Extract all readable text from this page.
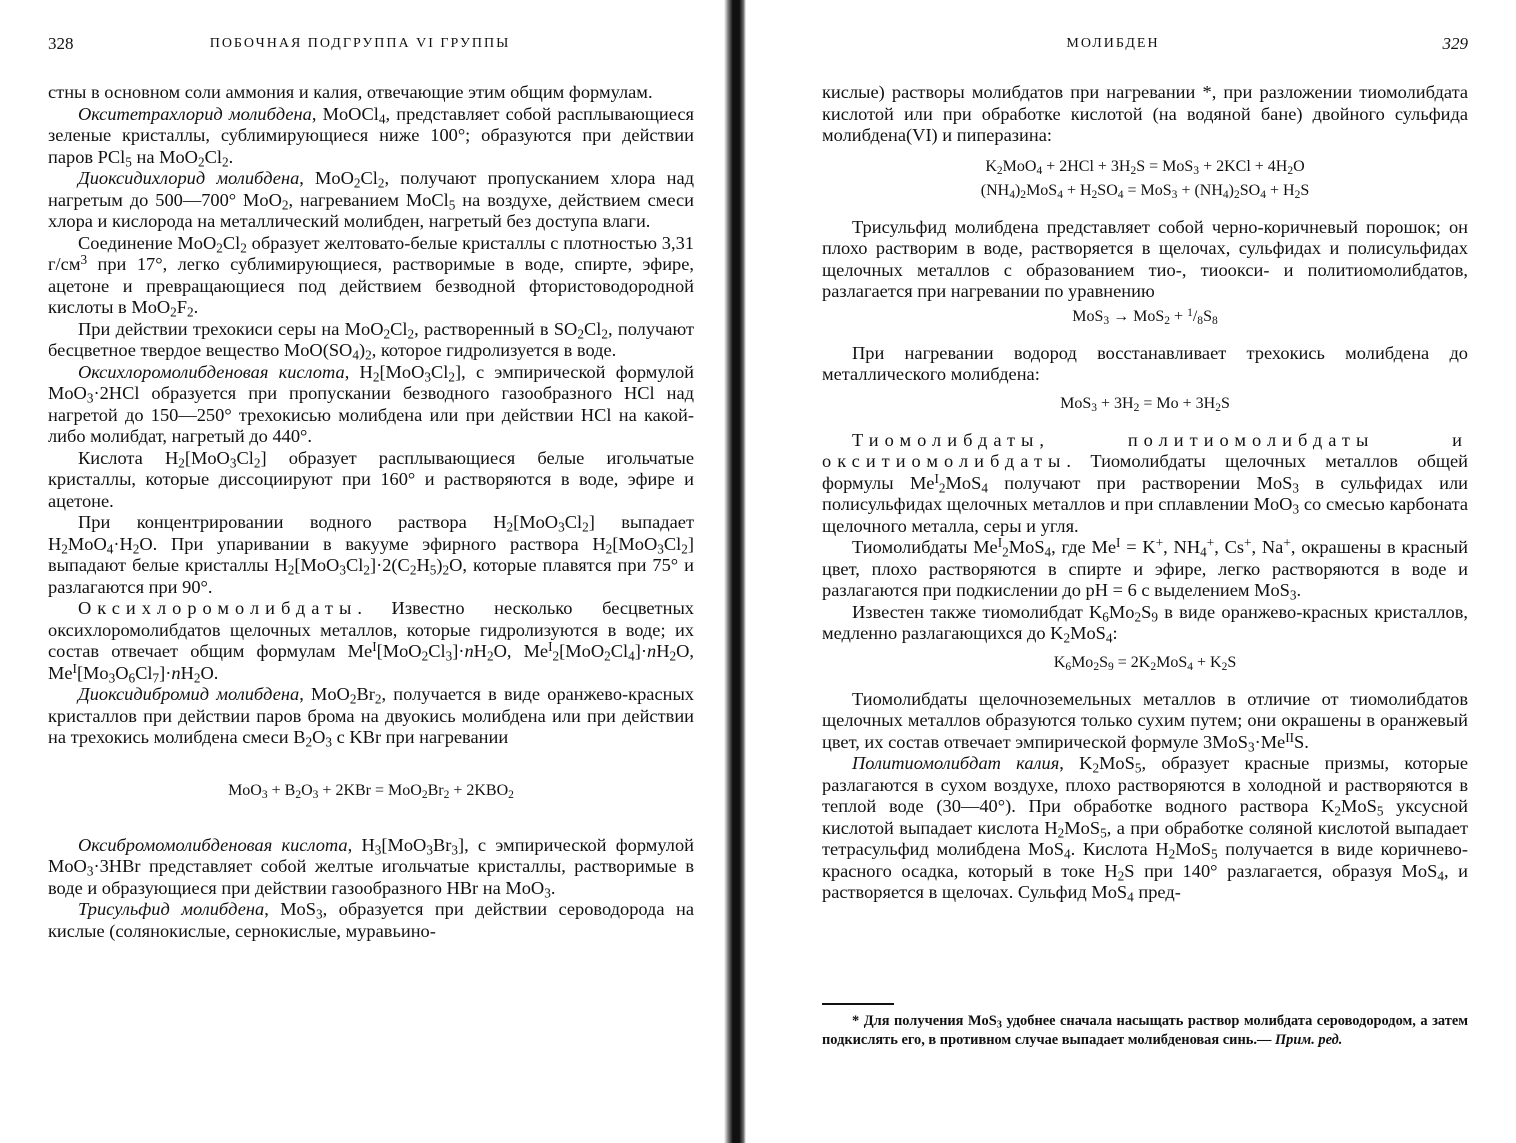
328	ПОБОЧНАЯ ПОДГРУППА VI ГРУППЫ

стны в основном соли аммония и калия, отвечающие этим общим формулам.

Окситетрахлорид молибдена, MoOCl$_4$, представляет собой расплывающиеся зеленые кристаллы, сублимирующиеся ниже 100°; образуются при действии паров PCl$_5$ на $MoO_2Cl_2$.

Диоксидихлорид молибдена, $MoO_2Cl_2$, получают пропусканием хлора над нагретым до 500—700° MoO$_2$, нагреванием MoCl$_5$ на воздухе, действием смеси хлора и кислорода на металлический молибден, нагретый без доступа влаги.

Соединение $MoO_2Cl_2$ образует желтовато-белые кристаллы с плотностью 3,31 $г/см^3$ при 17°, легко сублимирующиеся, растворимые в воде, спирте, эфире, ацетоне и превращающиеся под действием безводной фтористоводородной кислоты в $MoO_2F_2$.

При действии трехокиси серы на $MoO_2Cl_2$, растворенный в $SO_2Cl_2$, получают бесцветное твердое вещество $MoO(SO_4)_2$, которое гидролизуется в воде.

Оксихлоромолибденовая кислота, $H_2[MoO_3Cl_2]$, с эмпирической формулой MoO$_3$·2HCl образуется при пропускании безводного газообразного HCl над нагретой до 150—250° трехокисью молибдена или при действии HCl на какой-либо молибдат, нагретый до 440°.

Кислота $H_2[MoO_3Cl_2]$ образует расплывающиеся белые игольчатые кристаллы, которые диссоциируют при 160° и растворяются в воде, эфире и ацетоне.

При концентрировании водного раствора $H_2[MoO_3Cl_2]$ выпадает $H_2MoO_4\cdot H_2O$. При упаривании в вакууме эфирного раствора $H_2[MoO_3Cl_2]$ выпадают белые кристаллы $H_2[MoO_3Cl_2]\cdot 2(C_2H_5)_2O$, которые плавятся при 75° и разлагаются при 90°.

Оксихлоромолибдаты. Известно несколько бесцветных оксихлоромолибдатов щелочных металлов, которые гидролизуются в воде; их состав отвечает общим формулам $Me^I[MoO_2Cl_3]\cdot nH_2O$, $Me^I_2[MoO_2Cl_4]\cdot nH_2O$, $Me^I[Mo_3O_6Cl_7]\cdot nH_2O$.

Диоксидибромид молибдена, $MoO_2Br_2$, получается в виде оранжево-красных кристаллов при действии паров брома на двуокись молибдена или при действии на трехокись молибдена смеси $B_2O_3$ с KBr при нагревании

$MoO_3 + B_2O_3 + 2KBr = MoO_2Br_2 + 2KBO_2$

Оксибромомолибденовая кислота, $H_3[MoO_3Br_3]$, с эмпирической формулой MoO$_3$·3HBr представляет собой желтые игольчатые кристаллы, растворимые в воде и образующиеся при действии газообразного HBr на MoO$_3$.

Трисульфид молибдена, MoS$_3$, образуется при действии сероводорода на кислые (солянокислые, сернокислые, муравьино-

МОЛИБДЕН	329

кислые) растворы молибдатов при нагревании *, при разложении тиомолибдата кислотой или при обработке кислотой (на водяной бане) двойного сульфида молибдена(VI) и пиперазина:

$K_2MoO_4 + 2HCl + 3H_2S = MoS_3 + 2KCl + 4H_2O$
$(NH_4)_2MoS_4 + H_2SO_4 = MoS_3 + (NH_4)_2SO_4 + H_2S$

Трисульфид молибдена представляет собой черно-коричневый порошок; он плохо растворим в воде, растворяется в щелочах, сульфидах и полисульфидах щелочных металлов с образованием тио-, тиоокси- и политиомолибдатов, разлагается при нагревании по уравнению

$MoS_3 \to MoS_2 + ^1/_8S_8$

При нагревании водород восстанавливает трехокись молибдена до металлического молибдена:

$MoS_3 + 3H_2 = Mo + 3H_2S$

Тиомолибдаты, политиомолибдаты и окситиомолибдаты. Тиомолибдаты щелочных металлов общей формулы $Me^I_2MoS_4$ получают при растворении MoS$_3$ в сульфидах или полисульфидах щелочных металлов и при сплавлении MoO$_3$ со смесью карбоната щелочного металла, серы и угля.

Тиомолибдаты $Me^I_2MoS_4$, где $Me^I = K^+$, $NH_4^+$, Cs+, Na+, окрашены в красный цвет, плохо растворяются в спирте и эфире, легко растворяются в воде и разлагаются при подкислении до pH = 6 с выделением MoS$_3$.

Известен также тиомолибдат $K_6Mo_2S_9$ в виде оранжево-красных кристаллов, медленно разлагающихся до $K_2MoS_4$:

$K_6Mo_2S_9 = 2K_2MoS_4 + K_2S$

Тиомолибдаты щелочноземельных металлов в отличие от тиомолибдатов щелочных металлов образуются только сухим путем; они окрашены в оранжевый цвет, их состав отвечает эмпирической формуле $3MoS_3\cdot Me^{II}S$.

Политиомолибдат калия, $K_2MoS_5$, образует красные призмы, которые разлагаются в сухом воздухе, плохо растворяются в холодной и растворяются в теплой воде (30—40°). При обработке водного раствора $K_2MoS_5$ уксусной кислотой выпадает кислота $H_2MoS_5$, а при обработке соляной кислотой выпадает тетрасульфид молибдена MoS$_4$. Кислота $H_2MoS_5$ получается в виде коричнево-красного осадка, который в токе $H_2S$ при 140° разлагается, образуя MoS$_4$, и растворяется в щелочах. Сульфид MoS$_4$ пред-

* Для получения MoS$_3$ удобнее сначала насыщать раствор молибдата сероводородом, а затем подкислять его, в противном случае выпадает молибденовая синь.— Прим. ред.
